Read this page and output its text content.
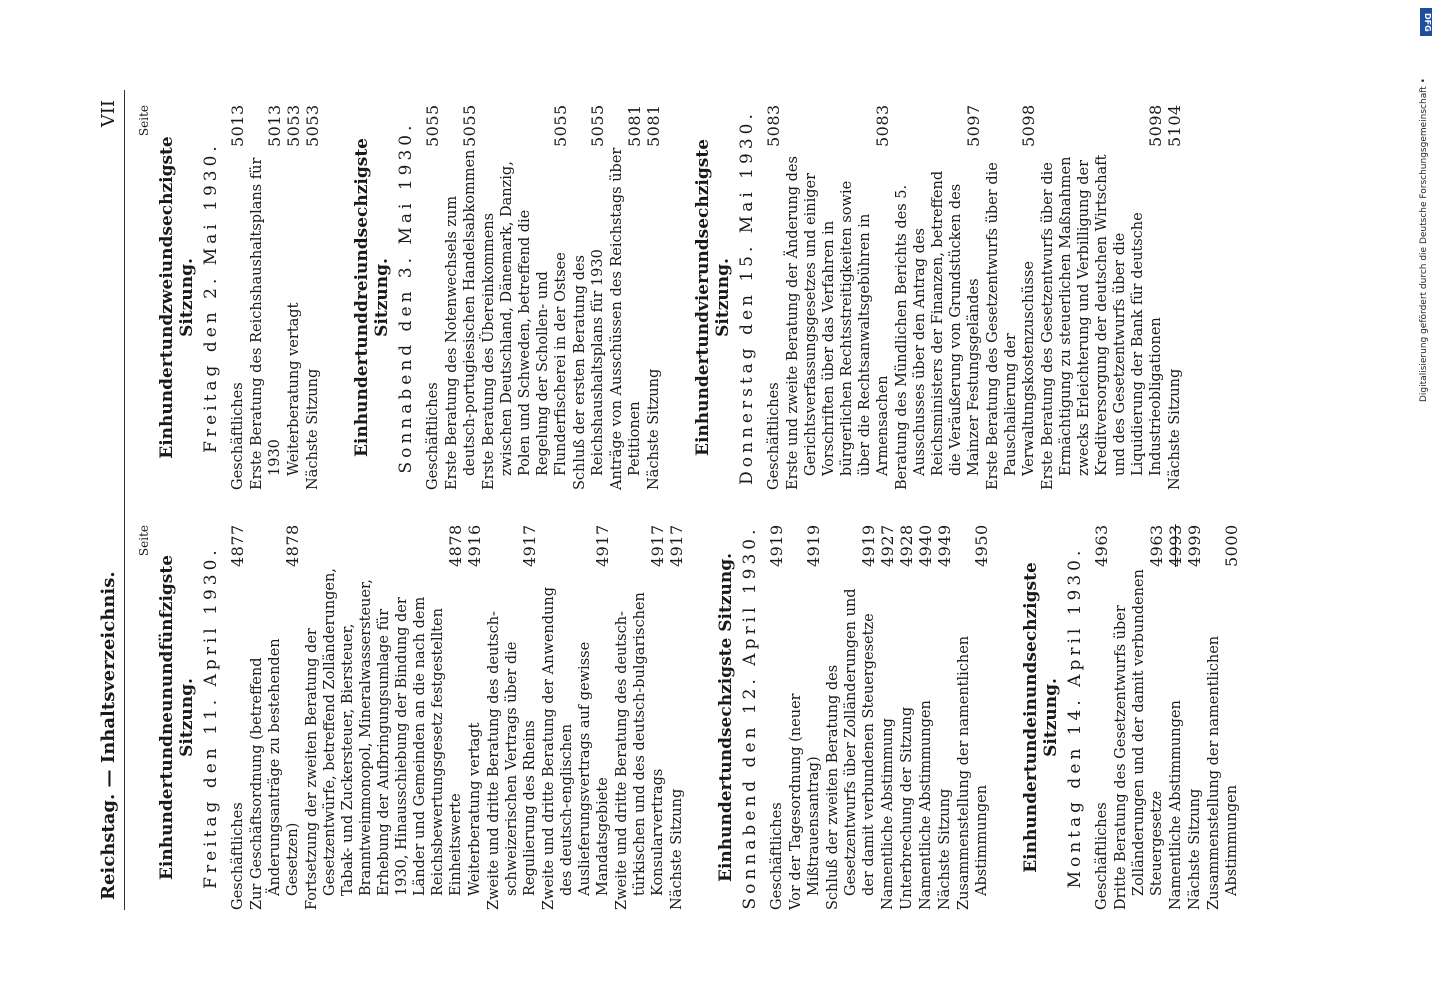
Reichstag. — Inhaltsverzeichnis.
VII
Seite
Einhundertundneunundfünfzigste Sitzung. Freitag den 11. April 1930. Geschäftliches
4877
Zur Geschäftsordnung (betreffend Änderungsanträge zu bestehenden Gesetzen)
4878
Fortsetzung der zweiten Beratung der Gesetzentwürfe, betreffend Zolländerungen, Tabak- und Zuckersteuer, Biersteuer, Branntweinmonopol, Mineralwassersteuer, Erhebung der Aufbringungsumlage für 1930, Hinausschiebung der Bindung der Länder und Gemeinden an die nach dem Reichsbewertungsgesetz festgestellten Einheitswerte
4878
Weiterberatung vertagt
4916
Zweite und dritte Beratung des deutsch-schweizerischen Vertrags über die Regulierung des Rheins
4917
Zweite und dritte Beratung der Anwendung des deutsch-englischen Auslieferungsvertrags auf gewisse Mandatsgebiete
4917
Zweite und dritte Beratung des deutsch-türkischen und des deutsch-bulgarischen Konsularvertrags
4917
Nächste Sitzung
4917
Einhundertundsechzigste Sitzung. Sonnabend den 12. April 1930. Geschäftliches
4919
Vor der Tagesordnung (neuer Mißtrauensantrag)
4919
Schluß der zweiten Beratung des Gesetzentwurfs über Zolländerungen und der damit verbundenen Steuergesetze
4919
Namentliche Abstimmung
4927
Unterbrechung der Sitzung
4928
Namentliche Abstimmungen
4940
Nächste Sitzung
4949
Zusammenstellung der namentlichen Abstimmungen
4950
Einhundertundeinundsechzigste Sitzung. Montag den 14. April 1930. Geschäftliches
4963
Dritte Beratung des Gesetzentwurfs über Zolländerungen und der damit verbundenen Steuergesetze
4963
Namentliche Abstimmungen
4993
Nächste Sitzung
4999
Zusammenstellung der namentlichen Abstimmungen
5000
Seite
Einhundertundzweiundsechzigste Sitzung. Freitag den 2. Mai 1930. Geschäftliches
5013
Erste Beratung des Reichshaushaltsplans für 1930
5013
Weiterberatung vertagt
5053
Nächste Sitzung
5053
Einhundertunddreiundsechzigste Sitzung. Sonnabend den 3. Mai 1930. Geschäftliches
5055
Erste Beratung des Notenwechsels zum deutsch-portugiesischen Handelsabkommen
5055
Erste Beratung des Übereinkommens zwischen Deutschland, Dänemark, Danzig, Polen und Schweden, betreffend die Regelung der Schollen- und Flunderfischerei in der Ostsee
5055
Schluß der ersten Beratung des Reichshaushaltsplans für 1930
5055
Anträge von Ausschüssen des Reichstags über Petitionen
5081
Nächste Sitzung
5081
Einhundertundvierundsechzigste Sitzung. Donnerstag den 15. Mai 1930. Geschäftliches
5083
Erste und zweite Beratung der Änderung des Gerichtsverfassungsgesetzes und einiger Vorschriften über das Verfahren in bürgerlichen Rechtsstreitigkeiten sowie über die Rechtsanwaltsgebühren in Armensachen
5083
Beratung des Mündlichen Berichts des 5. Ausschusses über den Antrag des Reichsministers der Finanzen, betreffend die Veräußerung von Grundstücken des Mainzer Festungsgeländes
5097
Erste Beratung des Gesetzentwurfs über die Pauschalierung der Verwaltungskostenzuschüsse
5098
Erste Beratung des Gesetzentwurfs über die Ermächtigung zu steuerlichen Maßnahmen zwecks Erleichterung und Verbilligung der Kreditversorgung der deutschen Wirtschaft und des Gesetzentwurfs über die Liquidierung der Bank für deutsche Industrieobligationen
5098
Nächste Sitzung
5104
DFG
Digitalisierung gefördert durch die Deutsche Forschungsgemeinschaft •
